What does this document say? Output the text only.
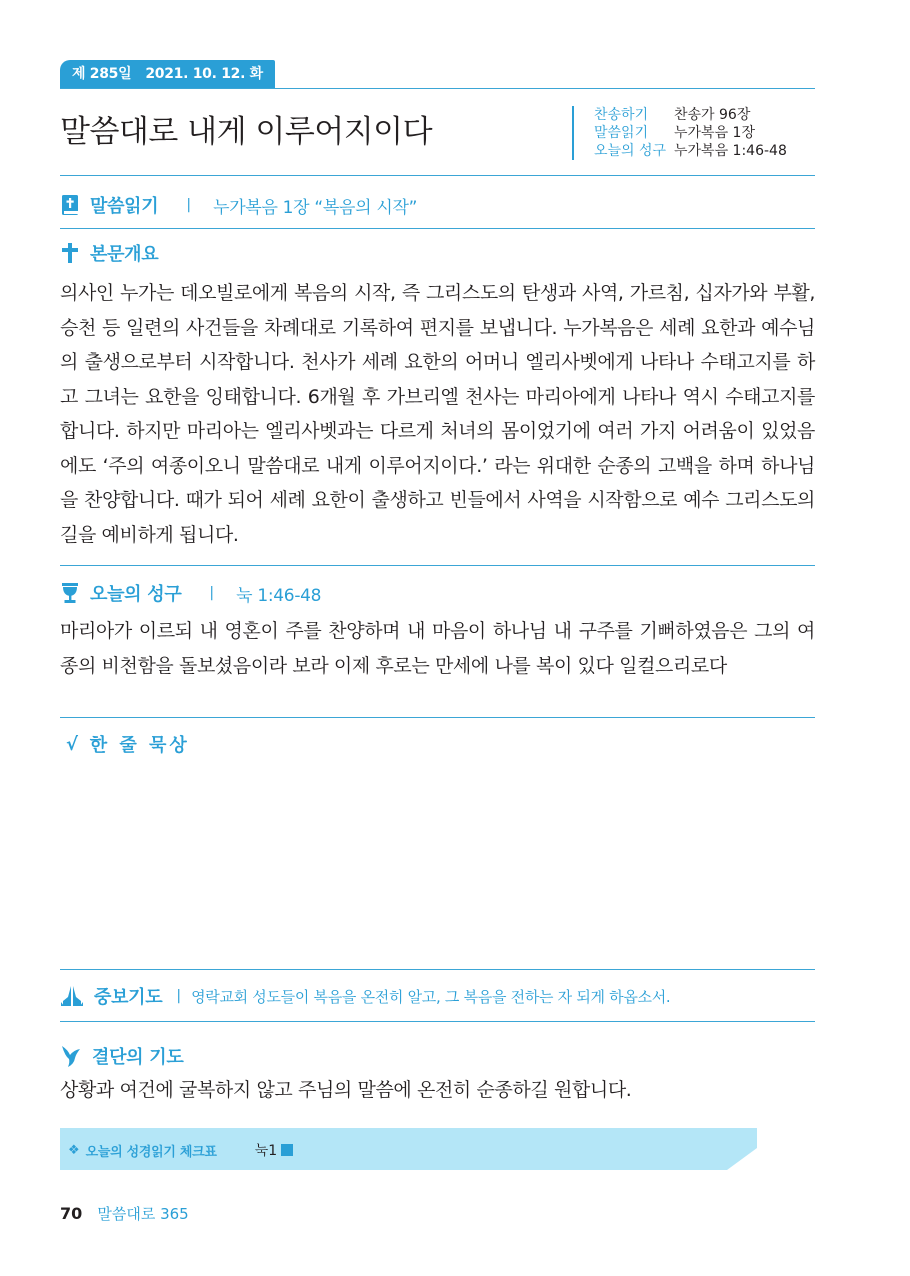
제 285일 2021. 10. 12. 화
말씀대로 내게 이루어지이다	찬송하기 찬송가 96장
말씀읽기 누가복음 1장
오늘의 성구 누가복음 1:46-48
말씀읽기 | 누가복음 1장 “복음의 시작”
본문개요
의사인 누가는 데오빌로에게 복음의 시작, 즉 그리스도의 탄생과 사역, 가르침, 십자가와 부활, 승천 등 일련의 사건들을 차례대로 기록하여 편지를 보냅니다. 누가복음은 세례 요한과 예수님의 출생으로부터 시작합니다. 천사가 세례 요한의 어머니 엘리사벳에게 나타나 수태고지를 하고 그녀는 요한을 잉태합니다. 6개월 후 가브리엘 천사는 마리아에게 나타나 역시 수태고지를 합니다. 하지만 마리아는 엘리사벳과는 다르게 처녀의 몸이었기에 여러 가지 어려움이 있었음에도 ‘주의 여종이오니 말씀대로 내게 이루어지이다.’ 라는 위대한 순종의 고백을 하며 하나님을 찬양합니다. 때가 되어 세례 요한이 출생하고 빈들에서 사역을 시작함으로 예수 그리스도의 길을 예비하게 됩니다.
오늘의 성구 | 눅 1:46-48
마리아가 이르되 내 영혼이 주를 찬양하며 내 마음이 하나님 내 구주를 기뻐하였음은 그의 여종의 비천함을 돌보셨음이라 보라 이제 후로는 만세에 나를 복이 있다 일컬으리로다
√ 한 줄 묵상
중보기도 | 영락교회 성도들이 복음을 온전히 알고, 그 복음을 전하는 자 되게 하옵소서.
결단의 기도
상황과 여건에 굴복하지 않고 주님의 말씀에 온전히 순종하길 원합니다.
❖ 오늘의 성경읽기 체크표	눅1
70 말씀대로 365
